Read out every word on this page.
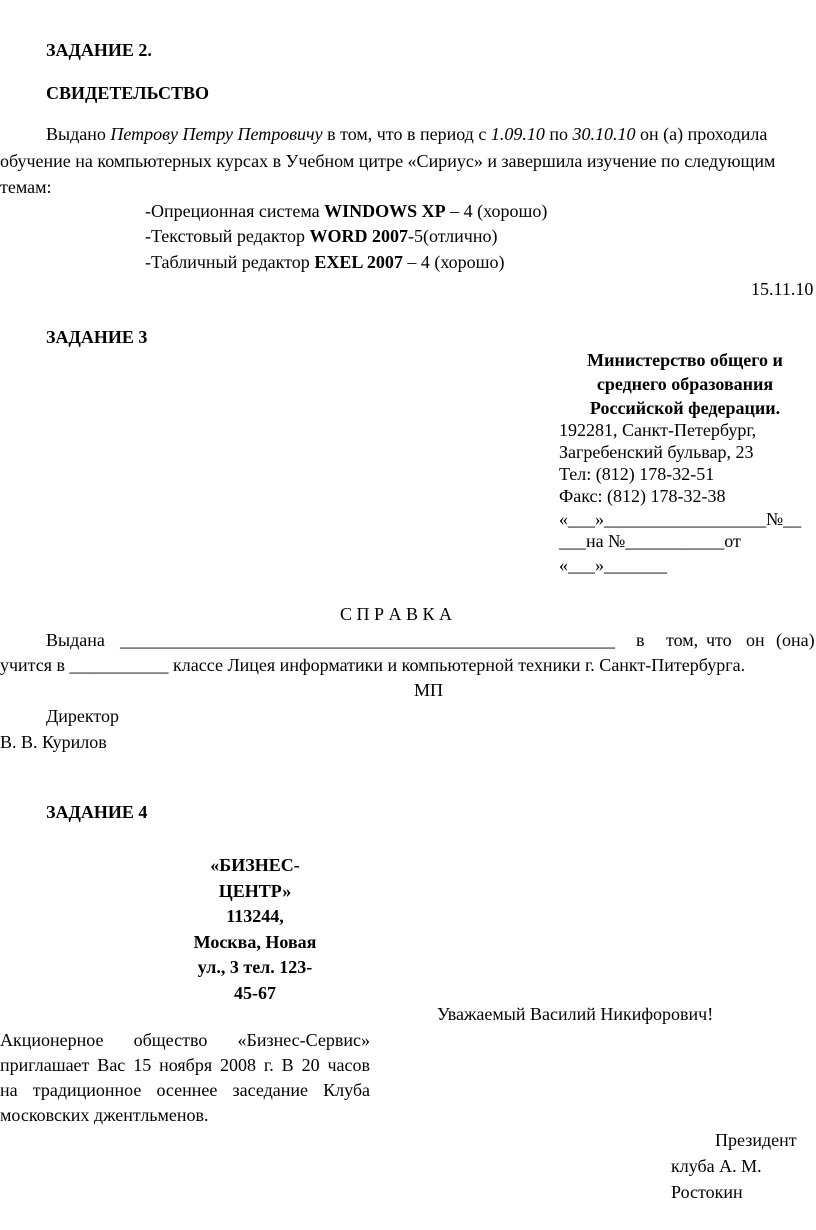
ЗАДАНИЕ 2.
СВИДЕТЕЛЬСТВО
Выдано Петрову Петру Петровичу в том, что в период с 1.09.10 по 30.10.10 он (а) проходила
обучение на компьютерных курсах в Учебном цитре «Сириус» и завершила изучение по следующим
темам:
-Опреционная система WINDOWS XP – 4 (хорошо)
-Текстовый редактор WORD 2007-5(отлично)
-Табличный редактор EXEL 2007 – 4 (хорошо)
15.11.10
ЗАДАНИЕ 3
Министерство общего и
среднего образования
Российской федерации.
192281, Санкт-Петербург,
Загребенский бульвар, 23
Тел: (812) 178-32-51
Факс: (812) 178-32-38
«___»__________________№__
___на №___________от
«___»_______
С П Р А В К А
Выдана _______________________________________________________ в том, что он (она)
учится в ___________ классе Лицея информатики и компьютерной техники г. Санкт-Питербурга.
МП
Директор
В. В. Курилов
ЗАДАНИЕ 4
«БИЗНЕС-
ЦЕНТР»
113244,
Москва, Новая
ул., 3 тел. 123-
45-67
Уважаемый Василий Никифорович!
Акционерное общество «Бизнес-Сервис»
приглашает Вас 15 ноября 2008 г. В 20 часов
на традиционное осеннее заседание Клуба
московских джентльменов.
Президент
клуба А. М.
Ростокин
